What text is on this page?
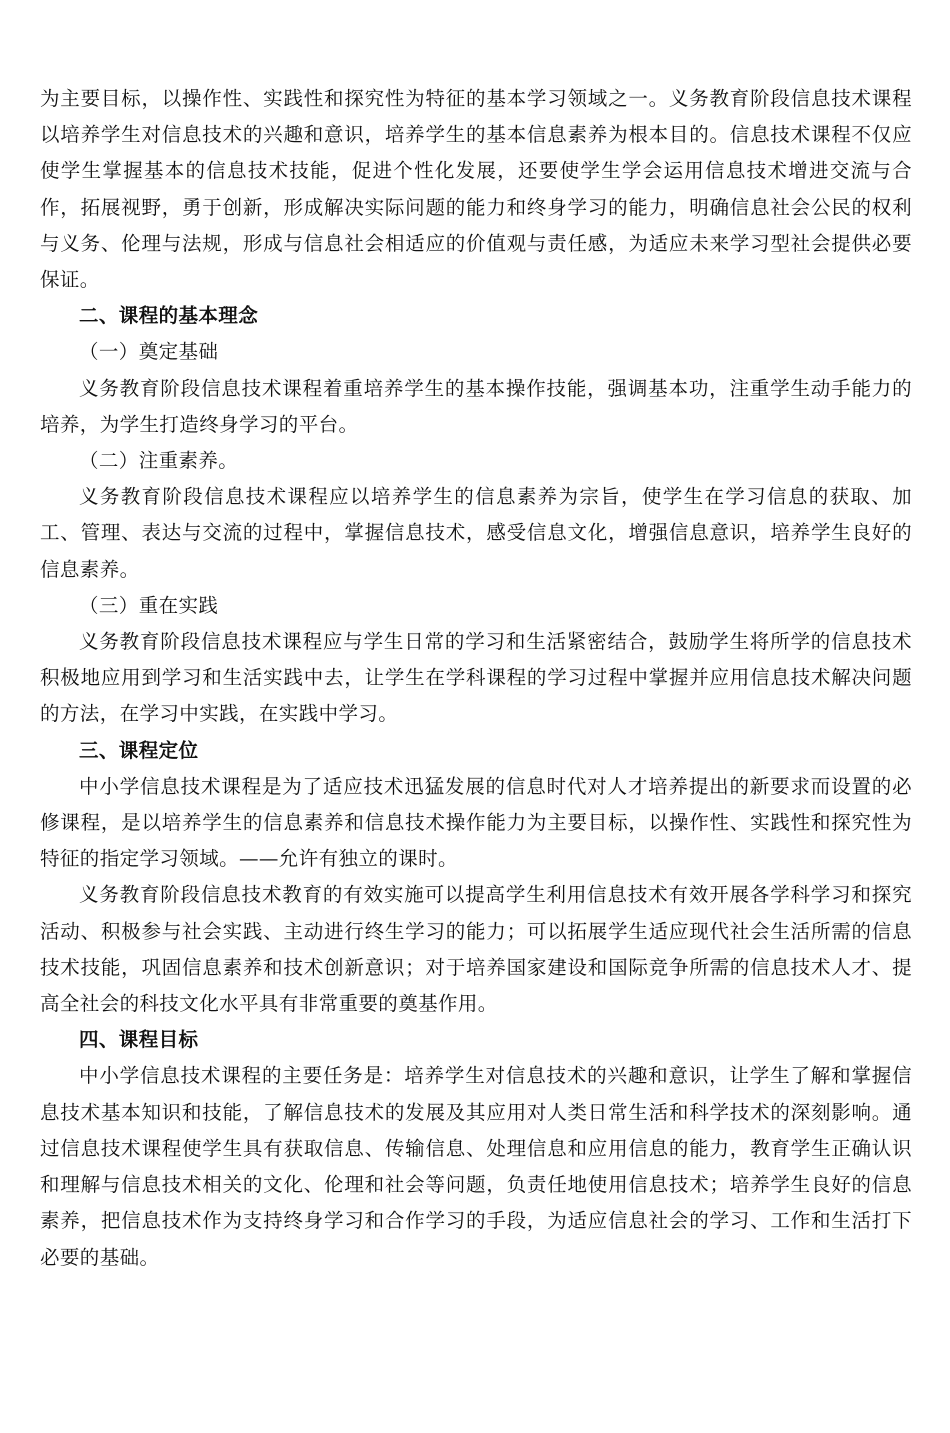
为主要目标，以操作性、实践性和探究性为特征的基本学习领域之一。义务教育阶段信息技术课程以培养学生对信息技术的兴趣和意识，培养学生的基本信息素养为根本目的。信息技术课程不仅应使学生掌握基本的信息技术技能，促进个性化发展，还要使学生学会运用信息技术增进交流与合作，拓展视野，勇于创新，形成解决实际问题的能力和终身学习的能力，明确信息社会公民的权利与义务、伦理与法规，形成与信息社会相适应的价值观与责任感，为适应未来学习型社会提供必要保证。

二、课程的基本理念

（一）奠定基础

义务教育阶段信息技术课程着重培养学生的基本操作技能，强调基本功，注重学生动手能力的培养，为学生打造终身学习的平台。

（二）注重素养。

义务教育阶段信息技术课程应以培养学生的信息素养为宗旨，使学生在学习信息的获取、加工、管理、表达与交流的过程中，掌握信息技术，感受信息文化，增强信息意识，培养学生良好的信息素养。

（三）重在实践

义务教育阶段信息技术课程应与学生日常的学习和生活紧密结合，鼓励学生将所学的信息技术积极地应用到学习和生活实践中去，让学生在学科课程的学习过程中掌握并应用信息技术解决问题的方法，在学习中实践，在实践中学习。

三、课程定位

中小学信息技术课程是为了适应技术迅猛发展的信息时代对人才培养提出的新要求而设置的必修课程，是以培养学生的信息素养和信息技术操作能力为主要目标，以操作性、实践性和探究性为特征的指定学习领域。——允许有独立的课时。

义务教育阶段信息技术教育的有效实施可以提高学生利用信息技术有效开展各学科学习和探究活动、积极参与社会实践、主动进行终生学习的能力；可以拓展学生适应现代社会生活所需的信息技术技能，巩固信息素养和技术创新意识；对于培养国家建设和国际竞争所需的信息技术人才、提高全社会的科技文化水平具有非常重要的奠基作用。

四、课程目标

中小学信息技术课程的主要任务是：培养学生对信息技术的兴趣和意识，让学生了解和掌握信息技术基本知识和技能，了解信息技术的发展及其应用对人类日常生活和科学技术的深刻影响。通过信息技术课程使学生具有获取信息、传输信息、处理信息和应用信息的能力，教育学生正确认识和理解与信息技术相关的文化、伦理和社会等问题，负责任地使用信息技术；培养学生良好的信息素养，把信息技术作为支持终身学习和合作学习的手段，为适应信息社会的学习、工作和生活打下必要的基础。
